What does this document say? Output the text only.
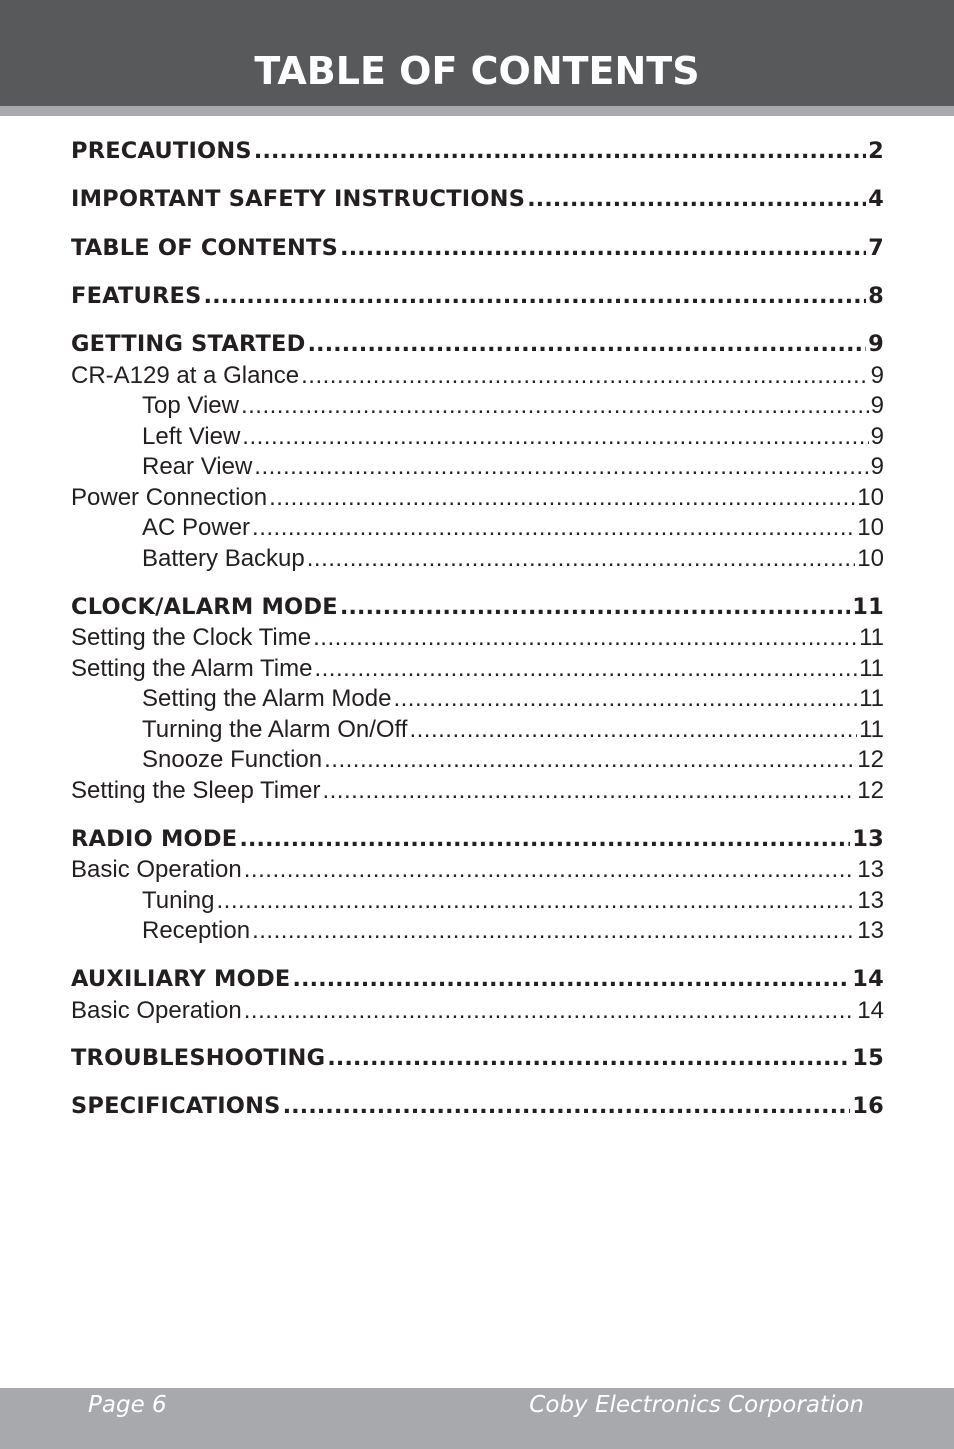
TABLE OF CONTENTS
PRECAUTIONS .....	2
IMPORTANT SAFETY INSTRUCTIONS .....	4
TABLE OF CONTENTS .....	7
FEATURES .....	8
GETTING STARTED .....	9
CR-A129 at a Glance .....	9
Top View .....	9
Left View .....	9
Rear View .....	9
Power Connection .....	10
AC Power .....	10
Battery Backup .....	10
CLOCK/ALARM MODE .....	11
Setting the Clock Time .....	11
Setting the Alarm Time .....	11
Setting the Alarm Mode .....	11
Turning the Alarm On/Off .....	11
Snooze Function .....	12
Setting the Sleep Timer .....	12
RADIO MODE .....	13
Basic Operation .....	13
Tuning .....	13
Reception .....	13
AUXILIARY MODE .....	14
Basic Operation .....	14
TROUBLESHOOTING .....	15
SPECIFICATIONS .....	16
Page 6	Coby Electronics Corporation
